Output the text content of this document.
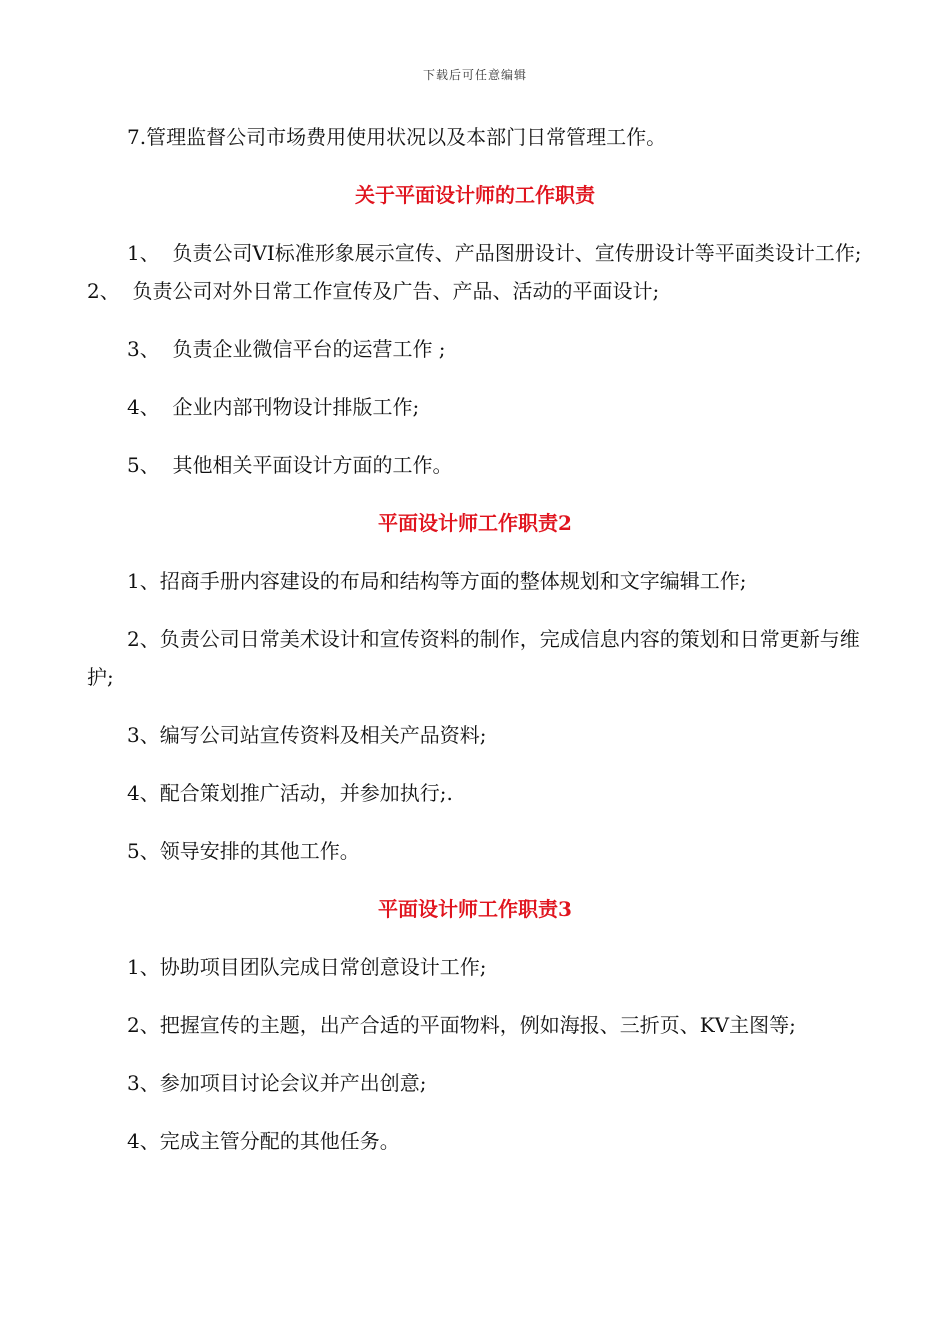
下载后可任意编辑
7.管理监督公司市场费用使用状况以及本部门日常管理工作。
关于平面设计师的工作职责
1、  负责公司VI标准形象展示宣传、产品图册设计、宣传册设计等平面类设计工作;2、  负责公司对外日常工作宣传及广告、产品、活动的平面设计;
3、  负责企业微信平台的运营工作 ;
4、  企业内部刊物设计排版工作;
5、  其他相关平面设计方面的工作。
平面设计师工作职责2
1、招商手册内容建设的布局和结构等方面的整体规划和文字编辑工作;
2、负责公司日常美术设计和宣传资料的制作，完成信息内容的策划和日常更新与维护;
3、编写公司站宣传资料及相关产品资料;
4、配合策划推广活动，并参加执行;.
5、领导安排的其他工作。
平面设计师工作职责3
1、协助项目团队完成日常创意设计工作;
2、把握宣传的主题，出产合适的平面物料，例如海报、三折页、KV主图等;
3、参加项目讨论会议并产出创意;
4、完成主管分配的其他任务。
